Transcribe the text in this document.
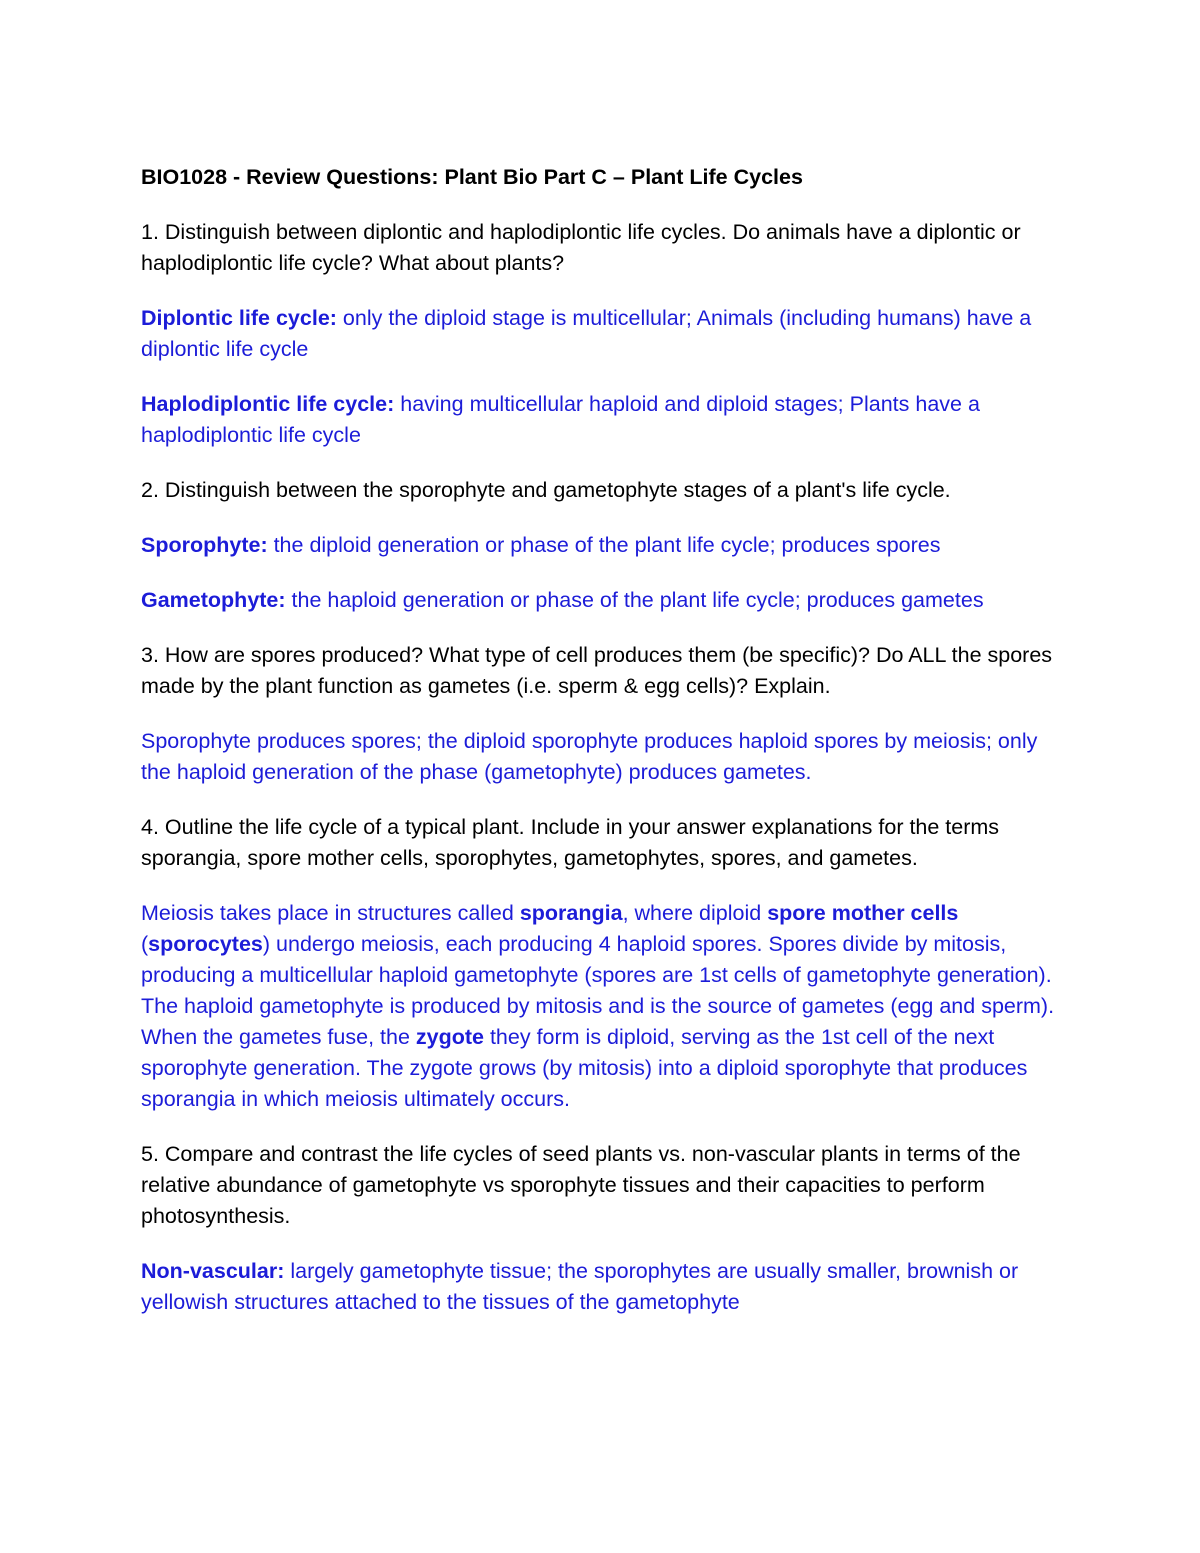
BIO1028 - Review Questions: Plant Bio Part C – Plant Life Cycles
1. Distinguish between diplontic and haplodiplontic life cycles. Do animals have a diplontic or haplodiplontic life cycle? What about plants?
Diplontic life cycle: only the diploid stage is multicellular; Animals (including humans) have a diplontic life cycle
Haplodiplontic life cycle: having multicellular haploid and diploid stages; Plants have a haplodiplontic life cycle
2. Distinguish between the sporophyte and gametophyte stages of a plant's life cycle.
Sporophyte: the diploid generation or phase of the plant life cycle; produces spores
Gametophyte: the haploid generation or phase of the plant life cycle; produces gametes
3. How are spores produced? What type of cell produces them (be specific)? Do ALL the spores made by the plant function as gametes (i.e. sperm & egg cells)? Explain.
Sporophyte produces spores; the diploid sporophyte produces haploid spores by meiosis; only the haploid generation of the phase (gametophyte) produces gametes.
4. Outline the life cycle of a typical plant. Include in your answer explanations for the terms sporangia, spore mother cells, sporophytes, gametophytes, spores, and gametes.
Meiosis takes place in structures called sporangia, where diploid spore mother cells (sporocytes) undergo meiosis, each producing 4 haploid spores. Spores divide by mitosis, producing a multicellular haploid gametophyte (spores are 1st cells of gametophyte generation). The haploid gametophyte is produced by mitosis and is the source of gametes (egg and sperm). When the gametes fuse, the zygote they form is diploid, serving as the 1st cell of the next sporophyte generation. The zygote grows (by mitosis) into a diploid sporophyte that produces sporangia in which meiosis ultimately occurs.
5. Compare and contrast the life cycles of seed plants vs. non-vascular plants in terms of the relative abundance of gametophyte vs sporophyte tissues and their capacities to perform photosynthesis.
Non-vascular: largely gametophyte tissue; the sporophytes are usually smaller, brownish or yellowish structures attached to the tissues of the gametophyte
